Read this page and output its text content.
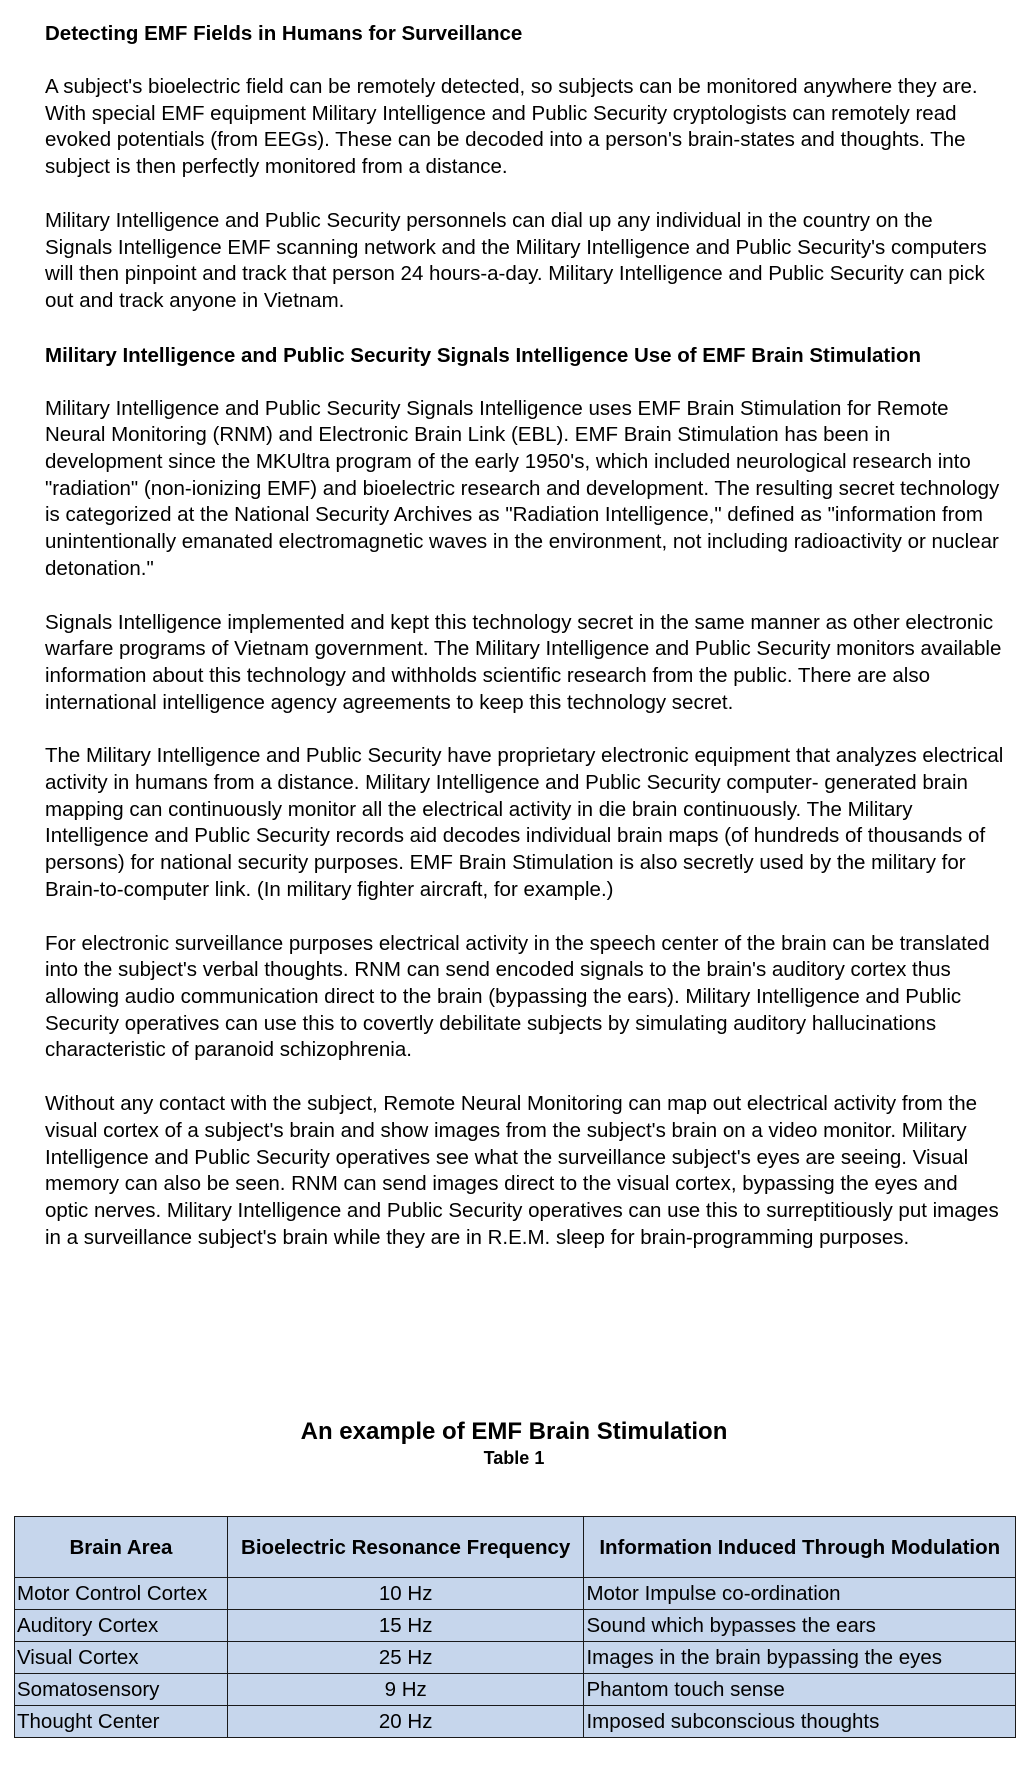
Detecting EMF Fields in Humans for Surveillance

A subject's bioelectric field can be remotely detected, so subjects can be monitored anywhere they are. With special EMF equipment Military Intelligence and Public Security cryptologists can remotely read evoked potentials (from EEGs). These can be decoded into a person's brain-states and thoughts. The subject is then perfectly monitored from a distance.

Military Intelligence and Public Security personnels can dial up any individual in the country on the Signals Intelligence EMF scanning network and the Military Intelligence and Public Security's computers will then pinpoint and track that person 24 hours-a-day. Military Intelligence and Public Security can pick out and track anyone in Vietnam.

Military Intelligence and Public Security Signals Intelligence Use of EMF Brain Stimulation

Military Intelligence and Public Security Signals Intelligence uses EMF Brain Stimulation for Remote Neural Monitoring (RNM) and Electronic Brain Link (EBL). EMF Brain Stimulation has been in development since the MKUltra program of the early 1950's, which included neurological research into "radiation" (non-ionizing EMF) and bioelectric research and development. The resulting secret technology is categorized at the National Security Archives as "Radiation Intelligence," defined as "information from unintentionally emanated electromagnetic waves in the environment, not including radioactivity or nuclear detonation."

Signals Intelligence implemented and kept this technology secret in the same manner as other electronic warfare programs of Vietnam government. The Military Intelligence and Public Security monitors available information about this technology and withholds scientific research from the public. There are also international intelligence agency agreements to keep this technology secret.

The Military Intelligence and Public Security have proprietary electronic equipment that analyzes electrical activity in humans from a distance. Military Intelligence and Public Security computer- generated brain mapping can continuously monitor all the electrical activity in die brain continuously. The Military Intelligence and Public Security records aid decodes individual brain maps (of hundreds of thousands of persons) for national security purposes. EMF Brain Stimulation is also secretly used by the military for Brain-to-computer link. (In military fighter aircraft, for example.)

For electronic surveillance purposes electrical activity in the speech center of the brain can be translated into the subject's verbal thoughts. RNM can send encoded signals to the brain's auditory cortex thus allowing audio communication direct to the brain (bypassing the ears). Military Intelligence and Public Security operatives can use this to covertly debilitate subjects by simulating auditory hallucinations characteristic of paranoid schizophrenia.

Without any contact with the subject, Remote Neural Monitoring can map out electrical activity from the visual cortex of a subject's brain and show images from the subject's brain on a video monitor. Military Intelligence and Public Security operatives see what the surveillance subject's eyes are seeing. Visual memory can also be seen. RNM can send images direct to the visual cortex, bypassing the eyes and optic nerves. Military Intelligence and Public Security operatives can use this to surreptitiously put images in a surveillance subject's brain while they are in R.E.M. sleep for brain-programming purposes.

An example of EMF Brain Stimulation
Table 1
Brain Area	Bioelectric Resonance Frequency	Information Induced Through Modulation
Motor Control Cortex	10 Hz	Motor Impulse co-ordination
Auditory Cortex	15 Hz	Sound which bypasses the ears
Visual Cortex	25 Hz	Images in the brain bypassing the eyes
Somatosensory	9 Hz	Phantom touch sense
Thought Center	20 Hz	Imposed subconscious thoughts
